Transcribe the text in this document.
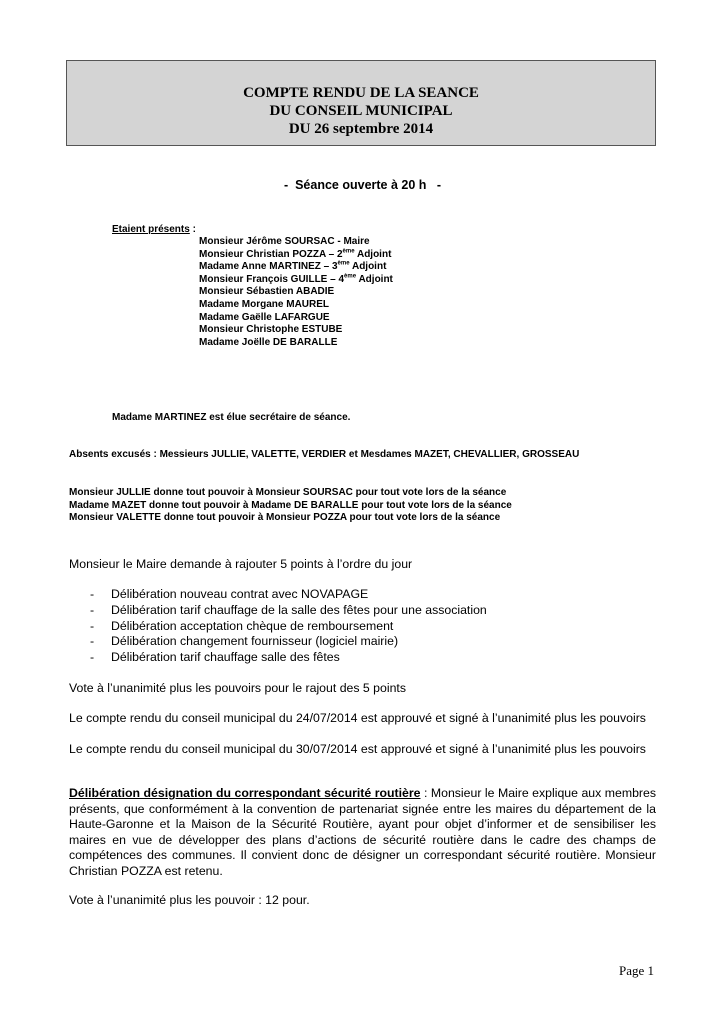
COMPTE RENDU DE LA SEANCE
DU CONSEIL MUNICIPAL
DU 26 septembre 2014
-  Séance ouverte à 20 h   -
Etaient présents :
Monsieur Jérôme SOURSAC - Maire
Monsieur Christian POZZA – 2ème Adjoint
Madame Anne MARTINEZ – 3ème Adjoint
Monsieur François GUILLE – 4ème Adjoint
Monsieur Sébastien ABADIE
Madame Morgane MAUREL
Madame Gaëlle LAFARGUE
Monsieur Christophe ESTUBE
Madame Joëlle DE BARALLE
Madame MARTINEZ est élue secrétaire de séance.
Absents excusés : Messieurs JULLIE, VALETTE, VERDIER et Mesdames MAZET, CHEVALLIER, GROSSEAU
Monsieur JULLIE donne tout pouvoir à Monsieur SOURSAC pour tout vote lors de la séance
Madame MAZET donne tout pouvoir à Madame DE BARALLE pour tout vote lors de la séance
Monsieur VALETTE donne tout pouvoir à Monsieur POZZA pour tout vote lors de la séance
Monsieur le Maire demande à rajouter 5 points à l’ordre du jour
- Délibération nouveau contrat avec NOVAPAGE
- Délibération tarif chauffage de la salle des fêtes pour une association
- Délibération acceptation chèque de remboursement
- Délibération changement fournisseur (logiciel mairie)
- Délibération tarif chauffage salle des fêtes
Vote à l’unanimité plus les pouvoirs pour le rajout des 5 points
Le compte rendu du conseil municipal du 24/07/2014 est approuvé et signé à l’unanimité plus les pouvoirs
Le compte rendu du conseil municipal du 30/07/2014 est approuvé et signé à l’unanimité plus les pouvoirs
Délibération désignation du correspondant sécurité routière : Monsieur le Maire explique aux membres présents, que conformément à la convention de partenariat signée entre les maires du département de la Haute-Garonne et la Maison de la Sécurité Routière, ayant pour objet d’informer et de sensibiliser les maires en vue de développer des plans d’actions de sécurité routière dans le cadre des champs de compétences des communes. Il convient donc de désigner un correspondant sécurité routière. Monsieur Christian POZZA est retenu.
Vote à l’unanimité plus les pouvoir : 12 pour.
Page 1
